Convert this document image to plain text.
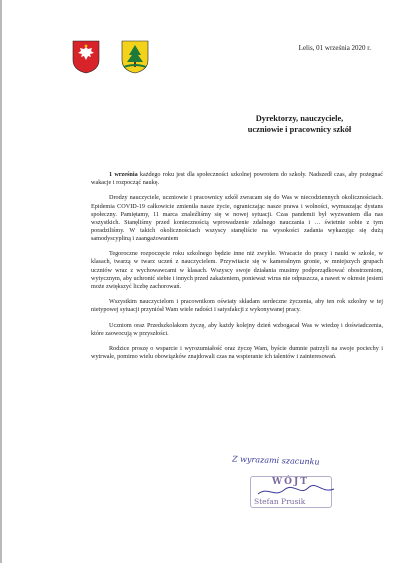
Lelis, 01 września 2020 r.
Dyrektorzy, nauczyciele,
uczniowie i pracownicy szkół

1 września każdego roku jest dla społeczności szkolnej powrotem do szkoły. Nadszedł czas, aby pożegnać wakacje i rozpocząć naukę.

Drodzy nauczyciele, uczniowie i pracownicy szkół zwracam się do Was w niecodziennych okolicznościach. Epidemia COVID-19 całkowicie zmieniła nasze życie, ograniczając nasze prawa i wolności, wymuszając dystans społeczny. Pamiętamy, 11 marca znaleźliśmy się w nowej sytuacji. Czas pandemii był wyzwaniem dla nas wszystkich. Stanęliśmy przed koniecznością wprowadzenie zdalnego nauczania i … świetnie sobie z tym poradziliśmy. W takich okolicznościach wszyscy stanęliście na wysokości zadania wykazując się dużą samodyscypliną i zaangażowaniem

Tegoroczne rozpoczęcie roku szkolnego będzie inne niż zwykle. Wracacie do pracy i nauki w szkole, w klasach, twarzą w twarz uczeń z nauczycielem. Przywitacie się w kameralnym gronie, w mniejszych grupach uczniów wraz z wychowawcami w klasach. Wszyscy swoje działania musimy podporządkować obostrzeniom, wytycznym, aby uchronić siebie i innych przed zakażeniem, ponieważ wirus nie odpuszcza, a nawet w okresie jesieni może zwiększyć liczbę zachorowań.

Wszystkim nauczycielom i pracownikom oświaty składam serdeczne życzenia, aby ten rok szkolny w tej nietypowej sytuacji przyniósł Wam wiele radości i satysfakcji z wykonywanej pracy.

Uczniom oraz Przedszkolakom życzę, aby każdy kolejny dzień wzbogacał Was w wiedzę i doświadczenia, które zaowocują w przyszłości.

Rodzice proszę o wsparcie i wyrozumiałość oraz życzę Wam, byście dumnie patrzyli na swoje pociechy i wytrwale, pomimo wielu obowiązków znajdowali czas na wspieranie ich talentów i zainteresowań.

Z wyrazami szacunku
WÓJT
Stefan Prusik
